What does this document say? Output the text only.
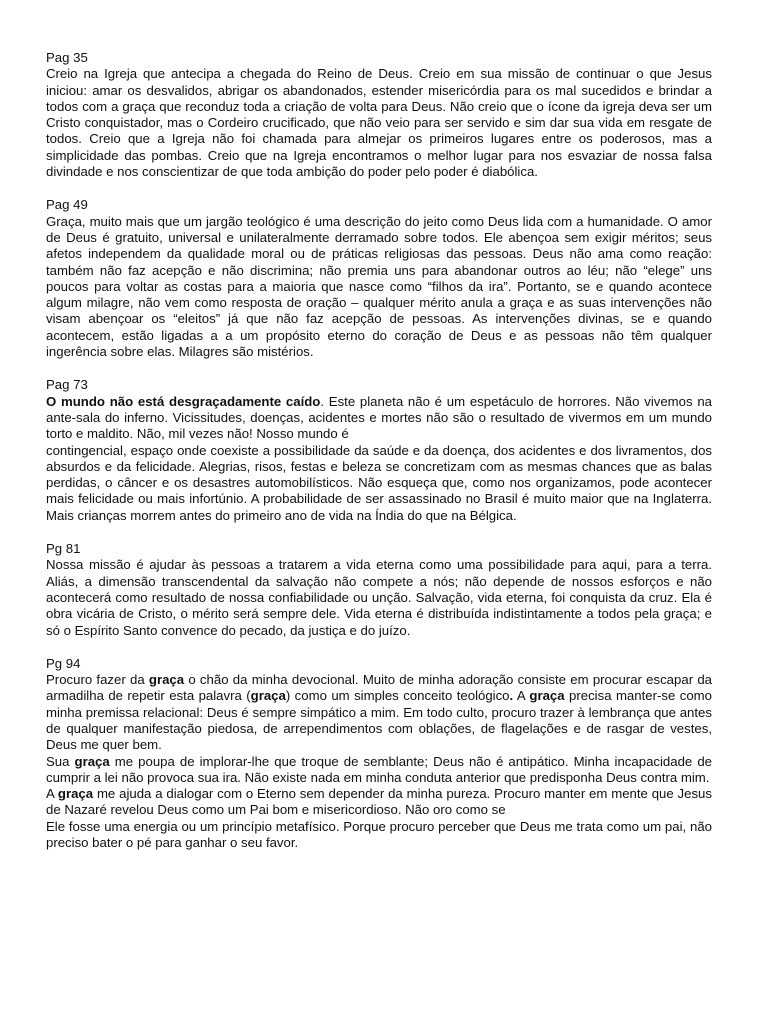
Pag 35

Creio na Igreja que antecipa a chegada do Reino de Deus. Creio em sua missão de continuar o que Jesus iniciou: amar os desvalidos, abrigar os abandonados, estender misericórdia para os mal sucedidos e brindar a todos com a graça que reconduz toda a criação de volta para Deus. Não creio que o ícone da igreja deva ser um Cristo conquistador, mas o Cordeiro crucificado, que não veio para ser servido e sim dar sua vida em resgate de todos. Creio que a Igreja não foi chamada para almejar os primeiros lugares entre os poderosos, mas a simplicidade das pombas. Creio que na Igreja encontramos o melhor lugar para nos esvaziar de nossa falsa divindade e nos conscientizar de que toda ambição do poder pelo poder é diabólica.

Pag 49

Graça, muito mais que um jargão teológico é uma descrição do jeito como Deus lida com a humanidade. O amor de Deus é gratuito, universal e unilateralmente derramado sobre todos. Ele abençoa sem exigir méritos; seus afetos independem da qualidade moral ou de práticas religiosas das pessoas. Deus não ama como reação: também não faz acepção e não discrimina; não premia uns para abandonar outros ao léu; não “elege” uns poucos para voltar as costas para a maioria que nasce como “filhos da ira”. Portanto, se e quando acontece algum milagre, não vem como resposta de oração – qualquer mérito anula a graça e as suas intervenções não visam abençoar os “eleitos” já que não faz acepção de pessoas. As intervenções divinas, se e quando acontecem, estão ligadas a a um propósito eterno do coração de Deus e as pessoas não têm qualquer ingerência sobre elas. Milagres são mistérios.

Pag 73

O mundo não está desgraçadamente caído. Este planeta não é um espetáculo de horrores. Não vivemos na ante-sala do inferno. Vicissitudes, doenças, acidentes e mortes não são o resultado de vivermos em um mundo torto e maldito. Não, mil vezes não! Nosso mundo é

contingencial, espaço onde coexiste a possibilidade da saúde e da doença, dos acidentes e dos livramentos, dos absurdos e da felicidade. Alegrias, risos, festas e beleza se concretizam com as mesmas chances que as balas perdidas, o câncer e os desastres automobilísticos. Não esqueça que, como nos organizamos, pode acontecer mais felicidade ou mais infortúnio. A probabilidade de ser assassinado no Brasil é muito maior que na Inglaterra. Mais crianças morrem antes do primeiro ano de vida na Índia do que na Bélgica.

Pg 81

Nossa missão é ajudar às pessoas a tratarem a vida eterna como uma possibilidade para aqui, para a terra. Aliás, a dimensão transcendental da salvação não compete a nós; não depende de nossos esforços e não acontecerá como resultado de nossa confiabilidade ou unção. Salvação, vida eterna, foi conquista da cruz. Ela é obra vicária de Cristo, o mérito será sempre dele. Vida eterna é distribuída indistintamente a todos pela graça; e só o Espírito Santo convence do pecado, da justiça e do juízo.

Pg 94

Procuro fazer da graça o chão da minha devocional. Muito de minha adoração consiste em procurar escapar da armadilha de repetir esta palavra (graça) como um simples conceito teológico. A graça precisa manter-se como minha premissa relacional: Deus é sempre simpático a mim. Em todo culto, procuro trazer à lembrança que antes de qualquer manifestação piedosa, de arrependimentos com oblações, de flagelações e de rasgar de vestes, Deus me quer bem.

Sua graça me poupa de implorar-lhe que troque de semblante; Deus não é antipático. Minha incapacidade de cumprir a lei não provoca sua ira. Não existe nada em minha conduta anterior que predisponha Deus contra mim.

A graça me ajuda a dialogar com o Eterno sem depender da minha pureza. Procuro manter em mente que Jesus de Nazaré revelou Deus como um Pai bom e misericordioso. Não oro como se

Ele fosse uma energia ou um princípio metafísico. Porque procuro perceber que Deus me trata como um pai, não preciso bater o pé para ganhar o seu favor.
